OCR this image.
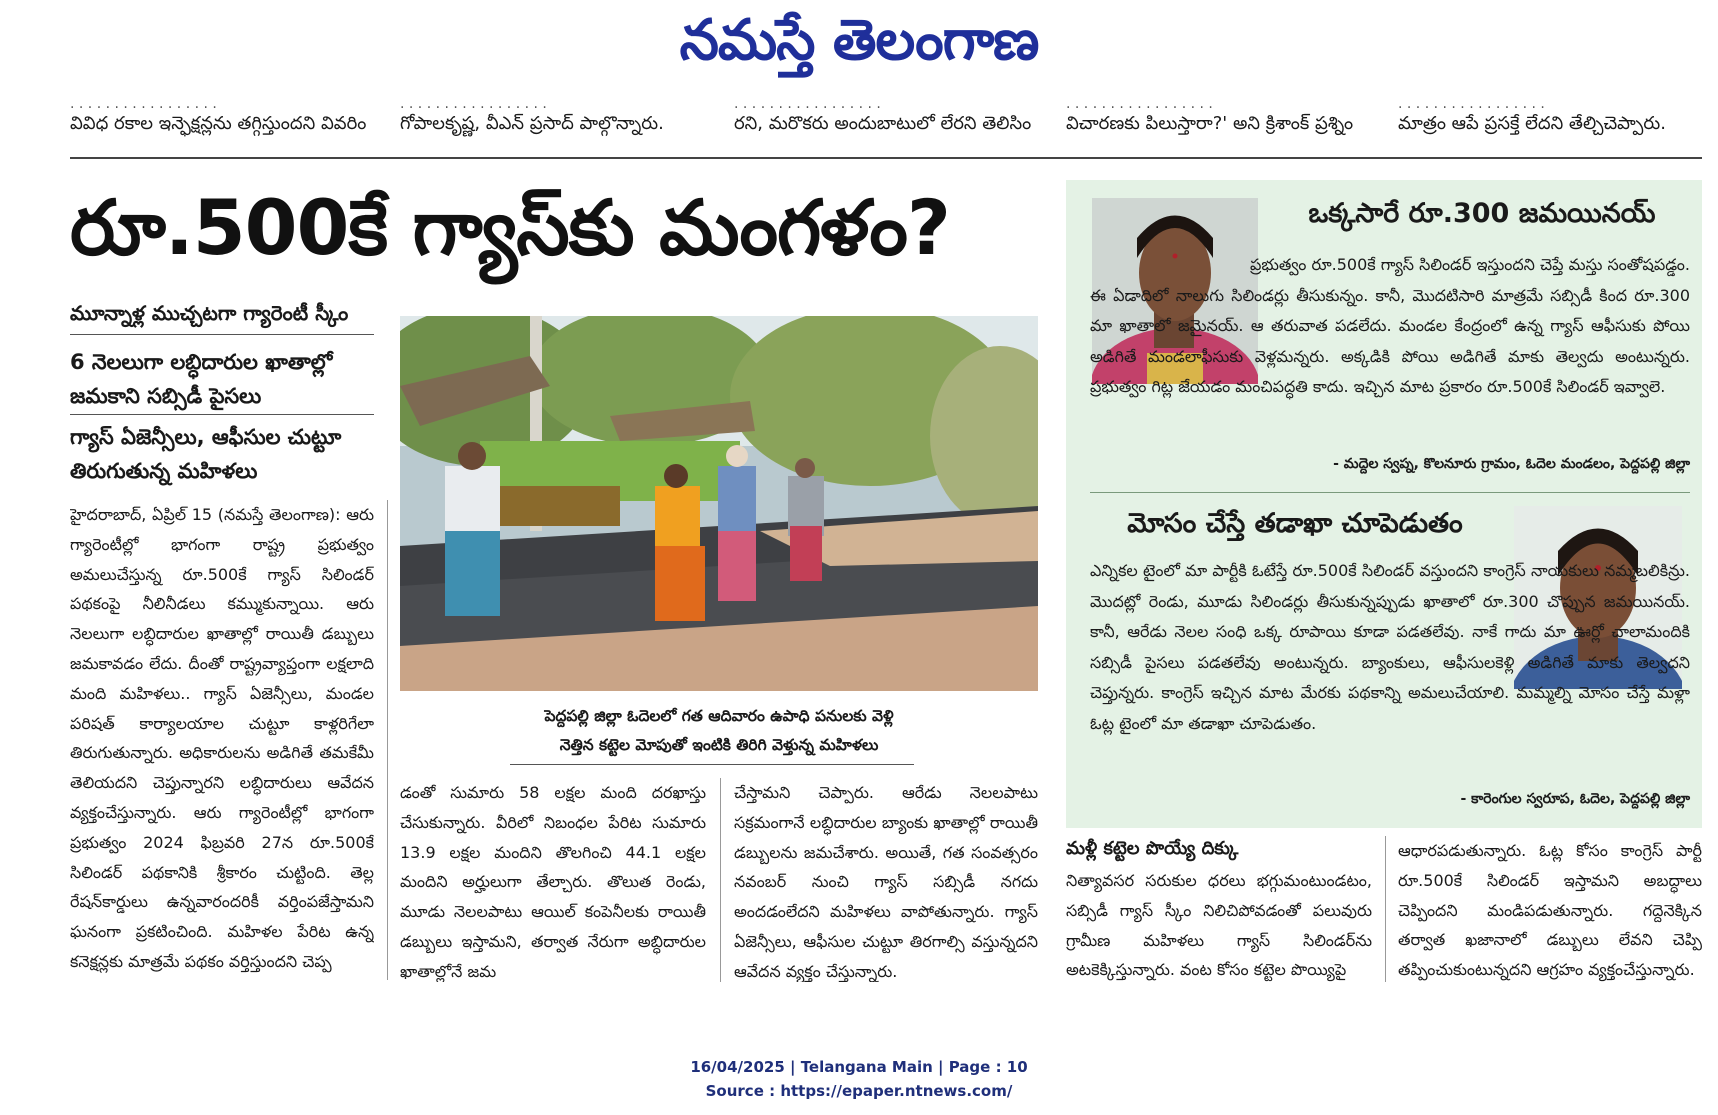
నమస్తే తెలంగాణ
. . . . . . . . . . . . . . . . .
వివిధ రకాల ఇన్ఫెక్షన్లను తగ్గిస్తుందని వివరిం
. . . . . . . . . . . . . . . . .
గోపాలకృష్ణ, వీఎన్ ప్రసాద్ పాల్గొన్నారు.
. . . . . . . . . . . . . . . . .
రని, మరొకరు అందుబాటులో లేరని తెలిసిం
. . . . . . . . . . . . . . . . .
విచారణకు పిలుస్తారా?' అని క్రిశాంక్ ప్రశ్నిం
. . . . . . . . . . . . . . . . .
మాత్రం ఆపే ప్రసక్తే లేదని తేల్చిచెప్పారు.
రూ.500కే గ్యాస్‌కు మంగళం?
మూన్నాళ్ల ముచ్చటగా గ్యారెంటీ స్కీం
6 నెలలుగా లబ్ధిదారుల ఖాతాల్లో జమకాని సబ్సిడీ పైసలు
గ్యాస్ ఏజెన్సీలు, ఆఫీసుల చుట్టూ తిరుగుతున్న మహిళలు
పెద్దపల్లి జిల్లా ఓదెలలో గత ఆదివారం ఉపాధి పనులకు వెళ్లి
నెత్తిన కట్టెల మోపుతో ఇంటికి తిరిగి వెళ్తున్న మహిళలు
హైదరాబాద్, ఏప్రిల్ 15 (నమస్తే తెలంగాణ): ఆరు గ్యారెంటీల్లో భాగంగా రాష్ట్ర ప్రభుత్వం అమలుచేస్తున్న రూ.500కే గ్యాస్ సిలిండర్ పథకంపై నీలినీడలు కమ్ముకున్నాయి. ఆరు నెలలుగా లబ్ధిదారుల ఖాతాల్లో రాయితీ డబ్బులు జమకావడం లేదు. దీంతో రాష్ట్రవ్యాప్తంగా లక్షలాది మంది మహిళలు.. గ్యాస్ ఏజెన్సీలు, మండల పరిషత్ కార్యాలయాల చుట్టూ కాళ్లరిగేలా తిరుగుతున్నారు. అధికారులను అడిగితే తమకేమీ తెలియదని చెప్తున్నారని లబ్ధిదారులు ఆవేదన వ్యక్తంచేస్తున్నారు. ఆరు గ్యారెంటీల్లో భాగంగా ప్రభుత్వం 2024 ఫిబ్రవరి 27న రూ.500కే సిలిండర్ పథకానికి శ్రీకారం చుట్టింది. తెల్ల రేషన్‌కార్డులు ఉన్నవారందరికీ వర్తింపజేస్తామని ఘనంగా ప్రకటించింది. మహిళల పేరిట ఉన్న కనెక్షన్లకు మాత్రమే పథకం వర్తిస్తుందని చెప్ప
డంతో సుమారు 58 లక్షల మంది దరఖాస్తు చేసుకున్నారు. వీరిలో నిబంధల పేరిట సుమారు 13.9 లక్షల మందిని తొలగించి 44.1 లక్షల మందిని అర్హులుగా తేల్చారు. తొలుత రెండు, మూడు నెలలపాటు ఆయిల్ కంపెనీలకు రాయితీ డబ్బులు ఇస్తామని, తర్వాత నేరుగా అబ్ధిదారుల ఖాతాల్లోనే జమ
చేస్తామని చెప్పారు. ఆరేడు నెలలపాటు సక్రమంగానే లబ్ధిదారుల బ్యాంకు ఖాతాల్లో రాయితీ డబ్బులను జమచేశారు. అయితే, గత సంవత్సరం నవంబర్ నుంచి గ్యాస్ సబ్సిడీ నగదు అందడంలేదని మహిళలు వాపోతున్నారు. గ్యాస్ ఏజెన్సీలు, ఆఫీసుల చుట్టూ తిరగాల్సి వస్తున్నదని ఆవేదన వ్యక్తం చేస్తున్నారు.
ఒక్కసారే రూ.300 జమయినయ్
ప్రభుత్వం రూ.500కే గ్యాస్ సిలిండర్ ఇస్తుందని చెప్తే మస్తు సంతోషపడ్డం. ఈ ఏడాదిలో నాలుగు సిలిండర్లు తీసుకున్నం. కానీ, మొదటిసారి మాత్రమే సబ్సిడీ కింద రూ.300 మా ఖాతాలో జమైనయ్. ఆ తరువాత పడలేదు. మండల కేంద్రంలో ఉన్న గ్యాస్ ఆఫీసుకు పోయి అడిగితే మండలాఫీసుకు వెళ్లమన్నరు. అక్కడికి పోయి అడిగితే మాకు తెల్వదు అంటున్నరు. ప్రభుత్వం గిట్ల జేయడం మంచిపద్ధతి కాదు. ఇచ్చిన మాట ప్రకారం రూ.500కే సిలిండర్ ఇవ్వాలె.
- మద్దెల స్వప్న, కొలనూరు గ్రామం, ఓదెల మండలం, పెద్దపల్లి జిల్లా
మోసం చేస్తే తడాఖా చూపెడుతం
ఎన్నికల టైంలో మా పార్టీకి ఓటేస్తే రూ.500కే సిలిండర్ వస్తుందని కాంగ్రెస్ నాయకులు నమ్మబలికిన్రు. మొదట్లో రెండు, మూడు సిలిండర్లు తీసుకున్నప్పుడు ఖాతాలో రూ.300 చొప్పున జమయినయ్. కానీ, ఆరేడు నెలల సంధి ఒక్క రూపాయి కూడా పడతలేవు. నాకే గాదు మా ఊర్లో చాలామందికి సబ్సిడీ పైసలు పడతలేవు అంటున్నరు. బ్యాంకులు, ఆఫీసులకెళ్లి అడిగితే మాకు తెల్వదని చెప్తున్నరు. కాంగ్రెస్ ఇచ్చిన మాట మేరకు పథకాన్ని అమలుచేయాలి. మమ్మల్ని మోసం చేస్తే మళ్లా ఓట్ల టైంలో మా తడాఖా చూపెడుతం.
- కారెంగుల స్వరూప, ఓదెల, పెద్దపల్లి జిల్లా
మళ్లీ కట్టెల పొయ్యే దిక్కు
నిత్యావసర సరుకుల ధరలు భగ్గుమంటుండటం, సబ్సిడీ గ్యాస్ స్కీం నిలిచిపోవడంతో పలువురు గ్రామీణ మహిళలు గ్యాస్ సిలిండర్‌ను అటకెక్కిస్తున్నారు. వంట కోసం కట్టెల పొయ్యిపై
ఆధారపడుతున్నారు. ఓట్ల కోసం కాంగ్రెస్ పార్టీ రూ.500కే సిలిండర్ ఇస్తామని అబద్ధాలు చెప్పిందని మండిపడుతున్నారు. గద్దెనెక్కిన తర్వాత ఖజానాలో డబ్బులు లేవని చెప్పి తప్పించుకుంటున్నదని ఆగ్రహం వ్యక్తంచేస్తున్నారు.
16/04/2025 | Telangana Main | Page : 10
Source : https://epaper.ntnews.com/
